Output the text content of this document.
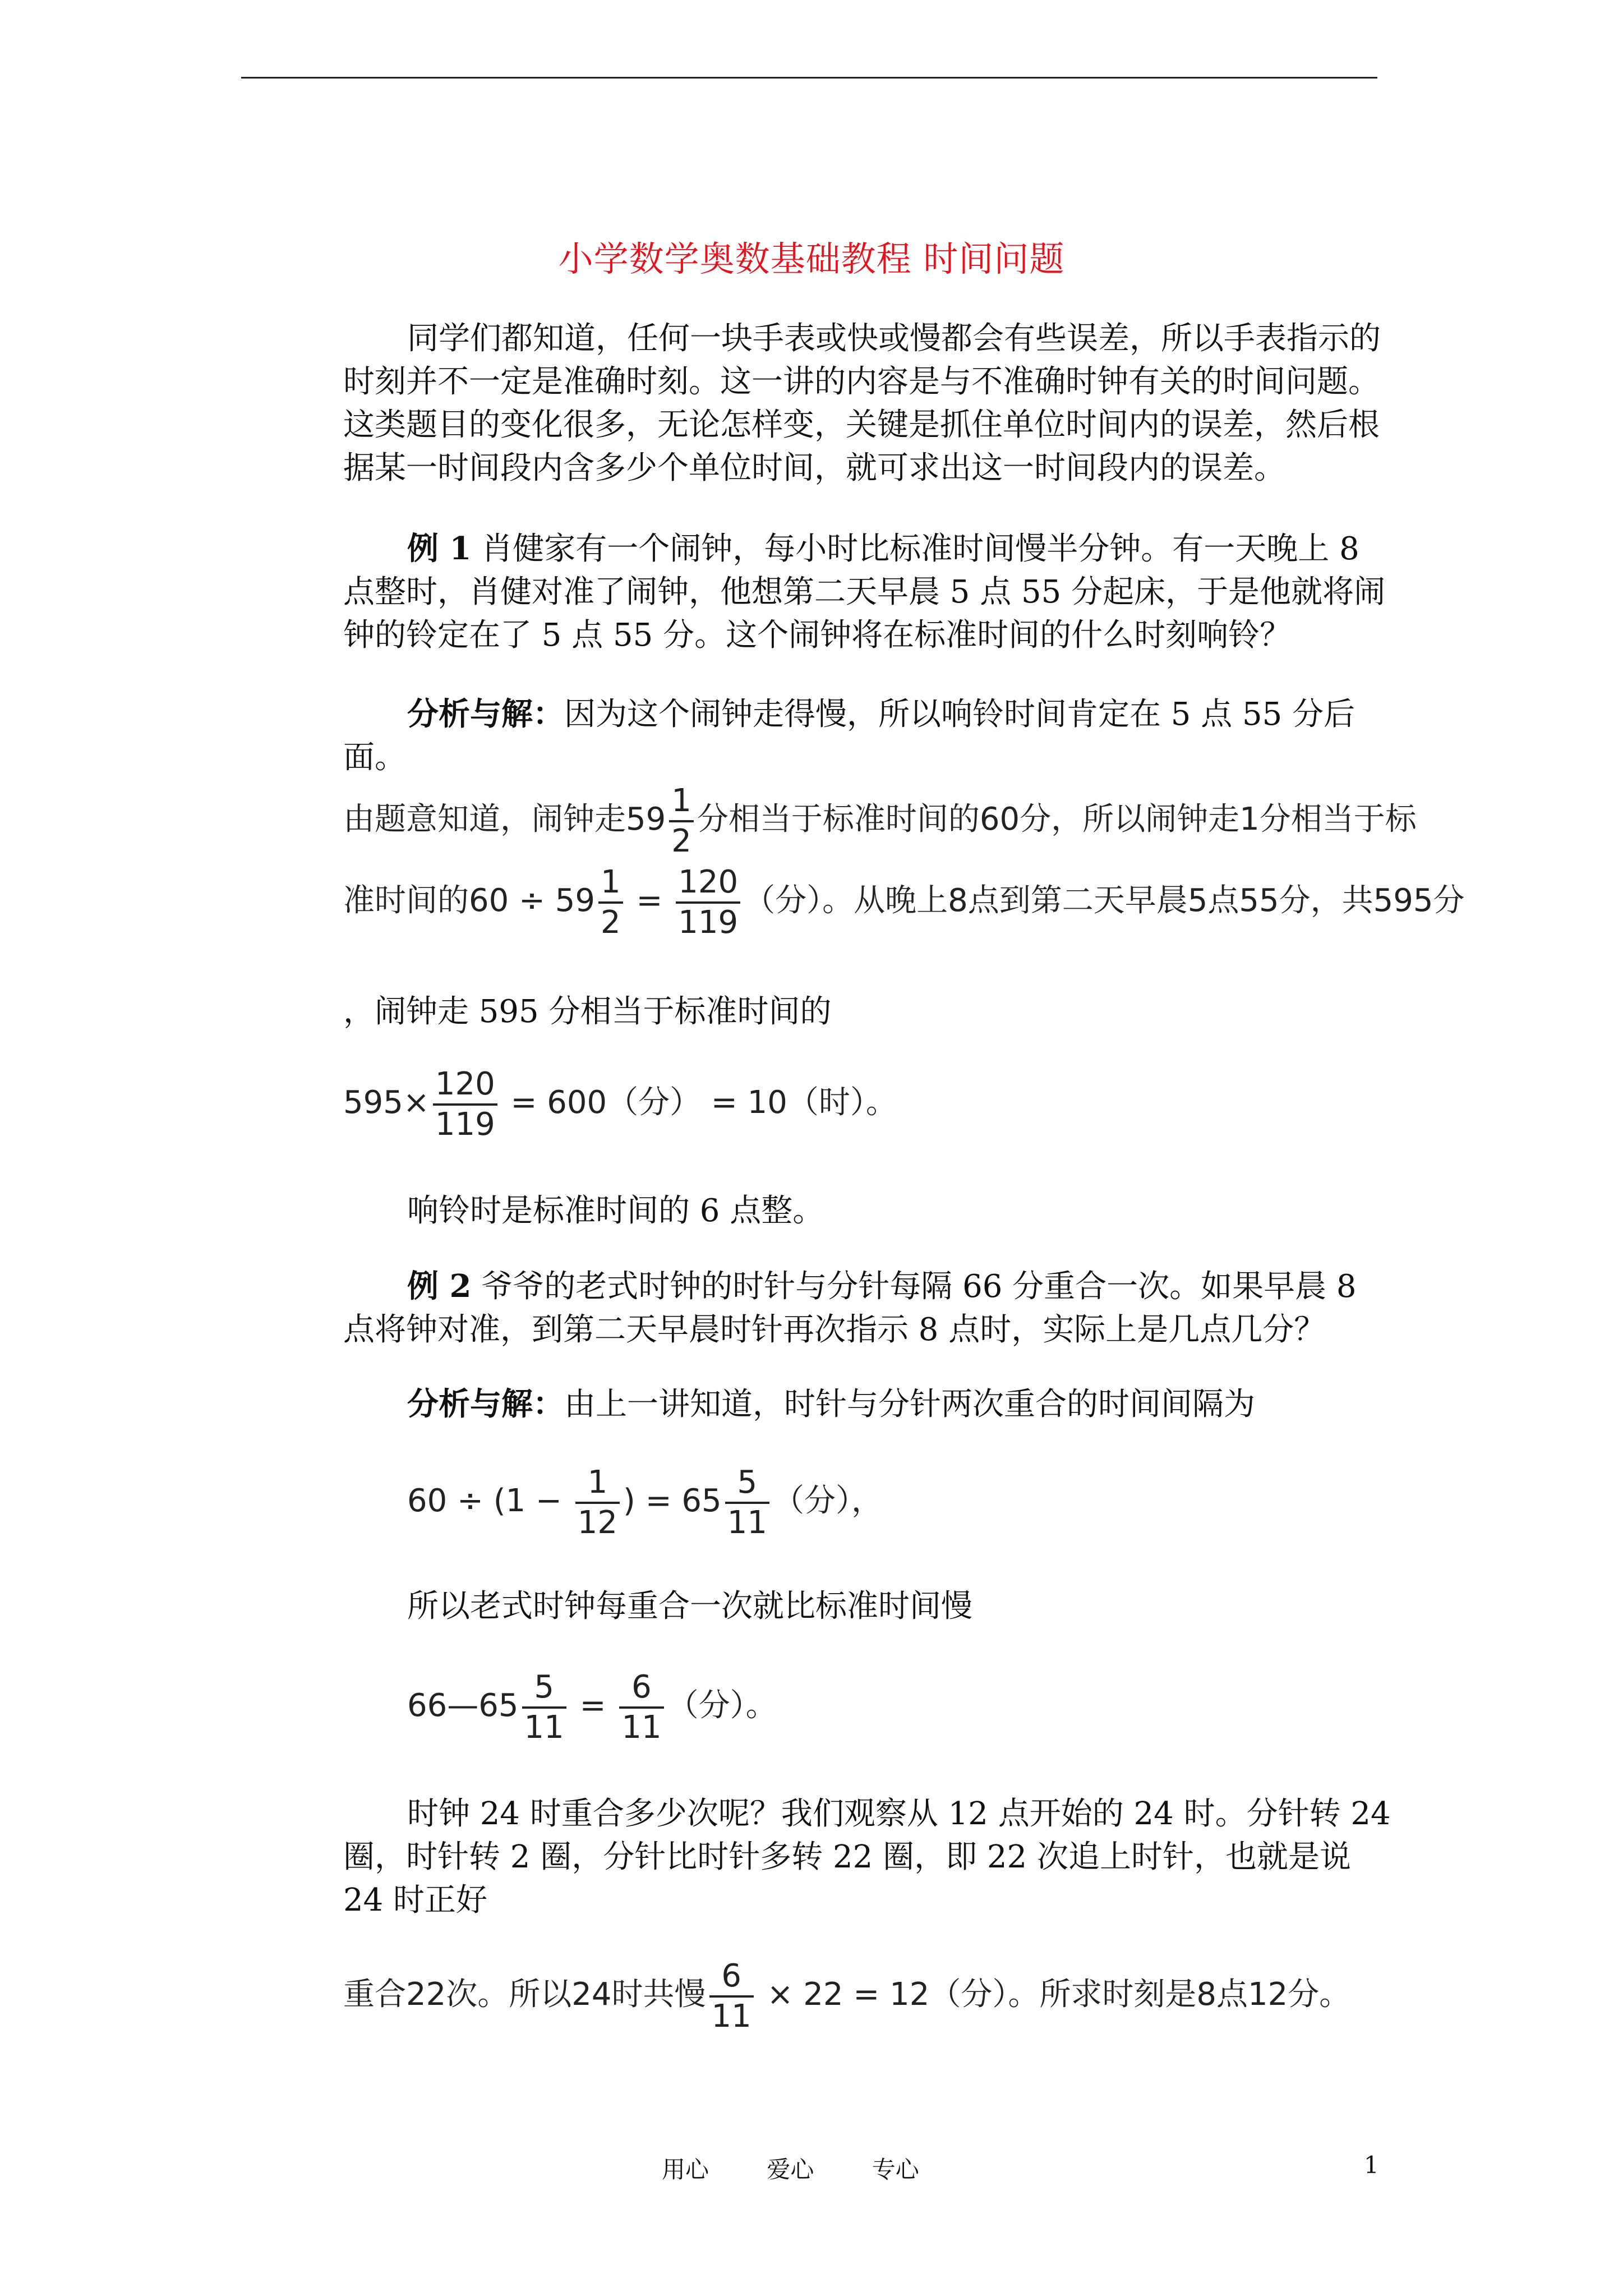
小学数学奥数基础教程 时间问题

同学们都知道，任何一块手表或快或慢都会有些误差，所以手表指示的时刻并不一定是准确时刻。这一讲的内容是与不准确时钟有关的时间问题。这类题目的变化很多，无论怎样变，关键是抓住单位时间内的误差，然后根据某一时间段内含多少个单位时间，就可求出这一时间段内的误差。

例 1 肖健家有一个闹钟，每小时比标准时间慢半分钟。有一天晚上 8 点整时，肖健对准了闹钟，他想第二天早晨 5 点 55 分起床，于是他就将闹钟的铃定在了 5 点 55 分。这个闹钟将在标准时间的什么时刻响铃？

分析与解：因为这个闹钟走得慢，所以响铃时间肯定在 5 点 55 分后面。

由题意知道，闹钟走$59 \frac{1}{2}$ 分相当于标准时间的60分，所以闹钟走1分相当于标
准时间的$60 \div 59 \frac{1}{2} = \frac{120}{119}$ （分）。从晚上8点到第二天早晨5点55分，共595分

，闹钟走 595 分相当于标准时间的

$595\times \frac{120}{119} = 600$（分） = 10（时）。

响铃时是标准时间的 6 点整。

例 2 爷爷的老式时钟的时针与分针每隔 66 分重合一次。如果早晨 8 点将钟对准，到第二天早晨时针再次指示 8 点时，实际上是几点几分？

分析与解：由上一讲知道，时针与分针两次重合的时间间隔为

$60 \div (1 - \frac{1}{12}$ ) = $65 \frac{5}{11}$ （分），

所以老式时钟每重合一次就比标准时间慢

66—65 $\frac{5}{11} = \frac{6}{11}$ （分）。

时钟 24 时重合多少次呢？我们观察从 12 点开始的 24 时。分针转 24 圈，时针转 2 圈，分针比时针多转 22 圈，即 22 次追上时针，也就是说 24 时正好

重合22次。所以24时共慢 $\frac{6}{11} \times 22 = 12$（分）。所求时刻是8点12分。
用心 爱心 专心	1
